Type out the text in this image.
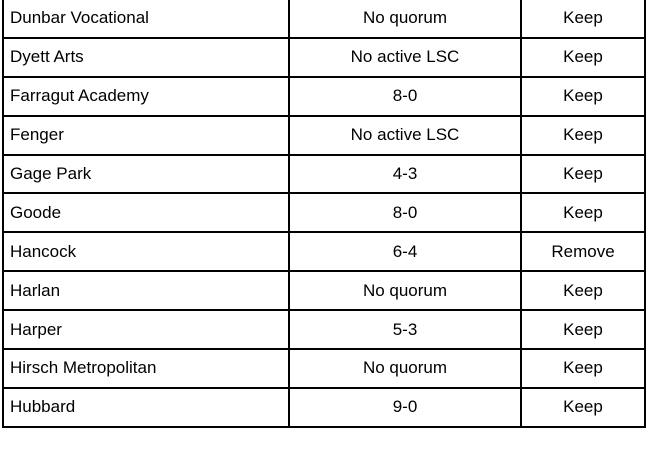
Dunbar Vocational	No quorum	Keep
Dyett Arts	No active LSC	Keep
Farragut Academy	8-0	Keep
Fenger	No active LSC	Keep
Gage Park	4-3	Keep
Goode	8-0	Keep
Hancock	6-4	Remove
Harlan	No quorum	Keep
Harper	5-3	Keep
Hirsch Metropolitan	No quorum	Keep
Hubbard	9-0	Keep
